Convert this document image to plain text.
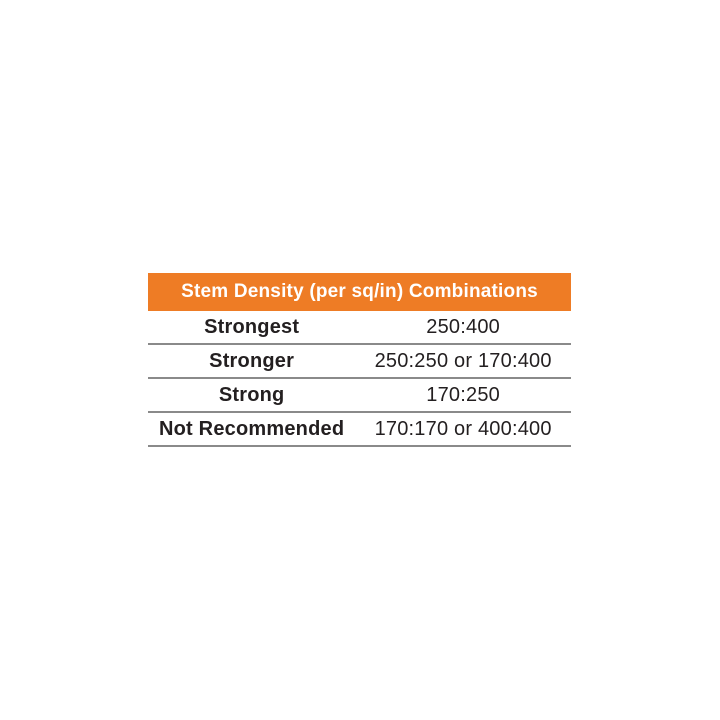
Stem Density (per sq/in) Combinations
Strongest	250:400
Stronger	250:250 or 170:400
Strong	170:250
Not Recommended	170:170 or 400:400
